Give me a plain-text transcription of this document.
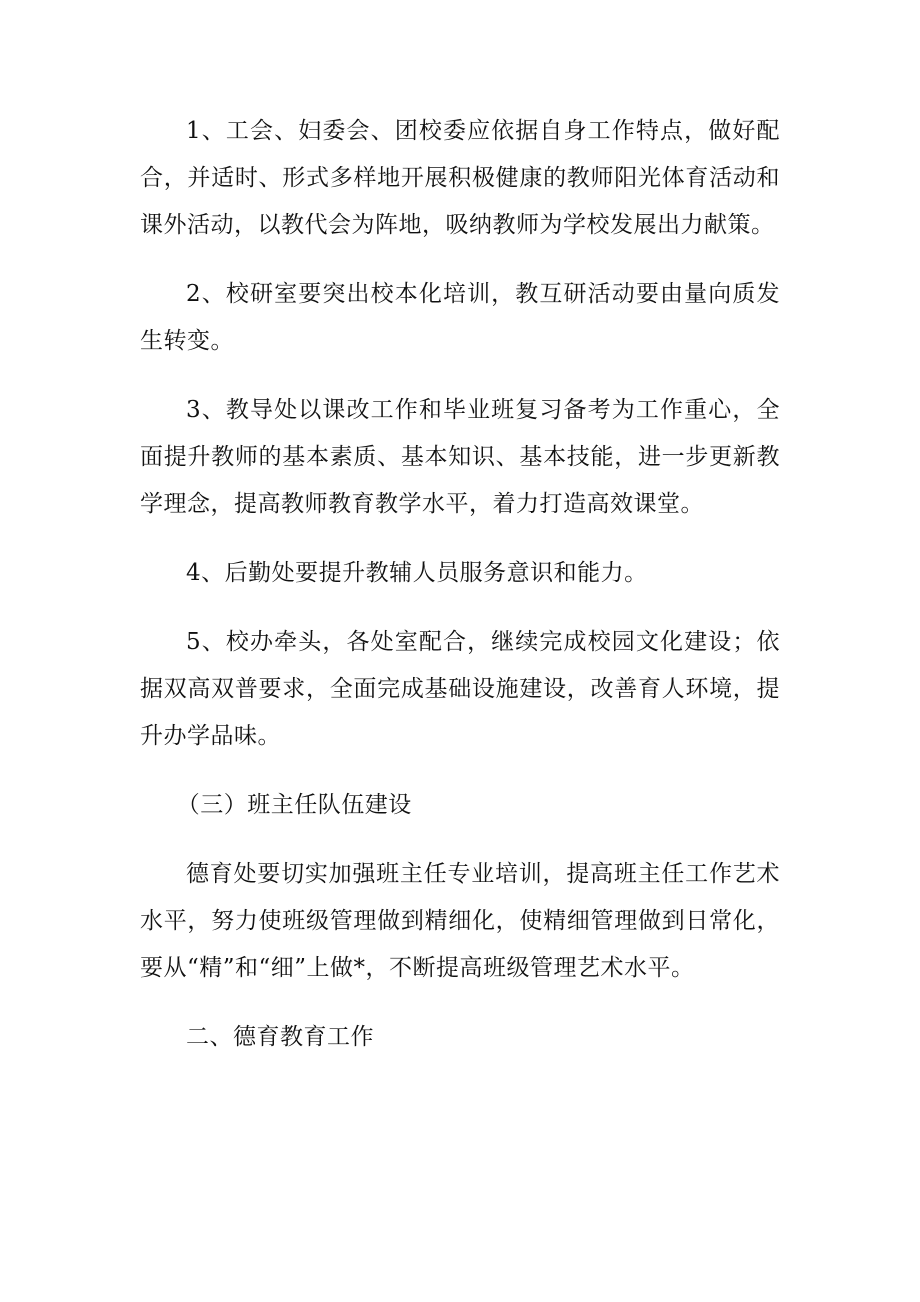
1、工会、妇委会、团校委应依据自身工作特点，做好配合，并适时、形式多样地开展积极健康的教师阳光体育活动和课外活动，以教代会为阵地，吸纳教师为学校发展出力献策。

2、校研室要突出校本化培训，教互研活动要由量向质发生转变。

3、教导处以课改工作和毕业班复习备考为工作重心，全面提升教师的基本素质、基本知识、基本技能，进一步更新教学理念，提高教师教育教学水平，着力打造高效课堂。

4、后勤处要提升教辅人员服务意识和能力。

5、校办牵头，各处室配合，继续完成校园文化建设；依据双高双普要求，全面完成基础设施建设，改善育人环境，提升办学品味。

（三）班主任队伍建设

德育处要切实加强班主任专业培训，提高班主任工作艺术水平，努力使班级管理做到精细化，使精细管理做到日常化，要从“精”和“细”上做*，不断提高班级管理艺术水平。

二、德育教育工作
